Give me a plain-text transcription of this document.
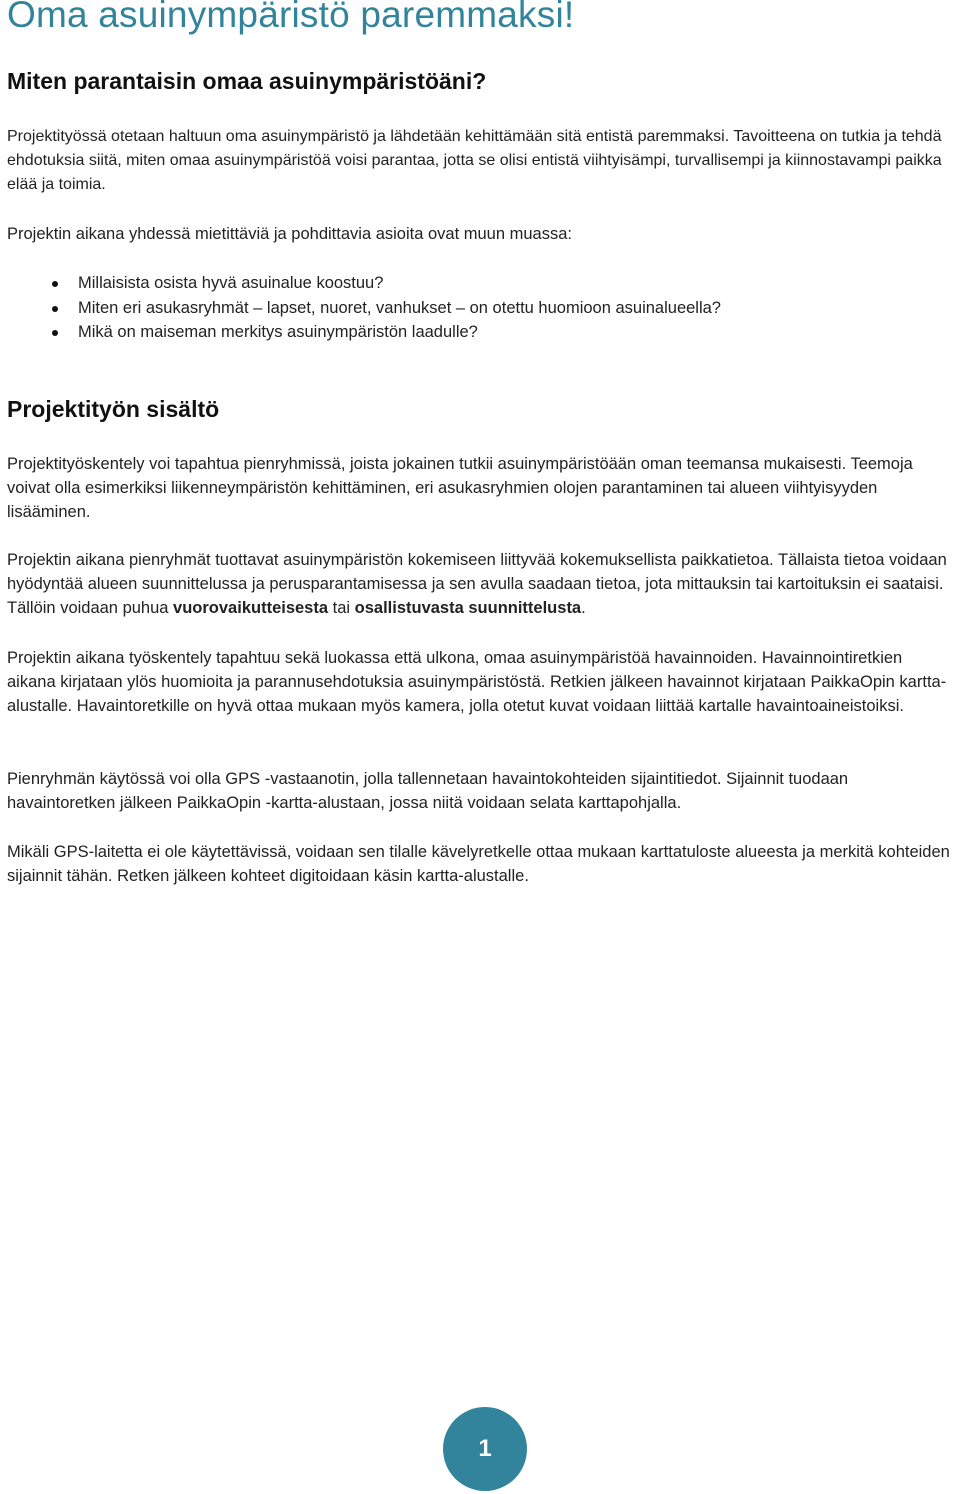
Oma asuinympäristö paremmaksi!
Miten parantaisin omaa asuinympäristöäni?

Projektityössä otetaan haltuun oma asuinympäristö ja lähdetään kehittämään sitä entistä paremmaksi. Tavoitteena on tutkia ja tehdä ehdotuksia siitä, miten omaa asuinympäristöä voisi parantaa, jotta se olisi entistä viihtyisämpi, turvallisempi ja kiinnostavampi paikka elää ja toimia.

Projektin aikana yhdessä mietittäviä ja pohdittavia asioita ovat muun muassa:

Millaisista osista hyvä asuinalue koostuu?
Miten eri asukasryhmät – lapset, nuoret, vanhukset – on otettu huomioon asuinalueella?
Mikä on maiseman merkitys asuinympäristön laadulle?
Projektityön sisältö

Projektityöskentely voi tapahtua pienryhmissä, joista jokainen tutkii asuinympäristöään oman teemansa mukaisesti. Teemoja voivat olla esimerkiksi liikenneympäristön kehittäminen, eri asukasryhmien olojen parantaminen tai alueen viihtyisyyden lisääminen.

Projektin aikana pienryhmät tuottavat asuinympäristön kokemiseen liittyvää kokemuksellista paikkatietoa. Tällaista tietoa voidaan hyödyntää alueen suunnittelussa ja perusparantamisessa ja sen avulla saadaan tietoa, jota mittauksin tai kartoituksin ei saataisi. Tällöin voidaan puhua vuorovaikutteisesta tai osallistuvasta suunnittelusta.

Projektin aikana työskentely tapahtuu sekä luokassa että ulkona, omaa asuinympäristöä havainnoiden. Havainnointiretkien aikana kirjataan ylös huomioita ja parannusehdotuksia asuinympäristöstä. Retkien jälkeen havainnot kirjataan PaikkaOpin kartta-alustalle. Havaintoretkille on hyvä ottaa mukaan myös kamera, jolla otetut kuvat voidaan liittää kartalle havaintoaineistoiksi.

Pienryhmän käytössä voi olla GPS -vastaanotin, jolla tallennetaan havaintokohteiden sijaintitiedot. Sijainnit tuodaan havaintoretken jälkeen PaikkaOpin -kartta-alustaan, jossa niitä voidaan selata karttapohjalla.

Mikäli GPS-laitetta ei ole käytettävissä, voidaan sen tilalle kävelyretkelle ottaa mukaan karttatuloste alueesta ja merkitä kohteiden sijainnit tähän. Retken jälkeen kohteet digitoidaan käsin kartta-alustalle.

1
